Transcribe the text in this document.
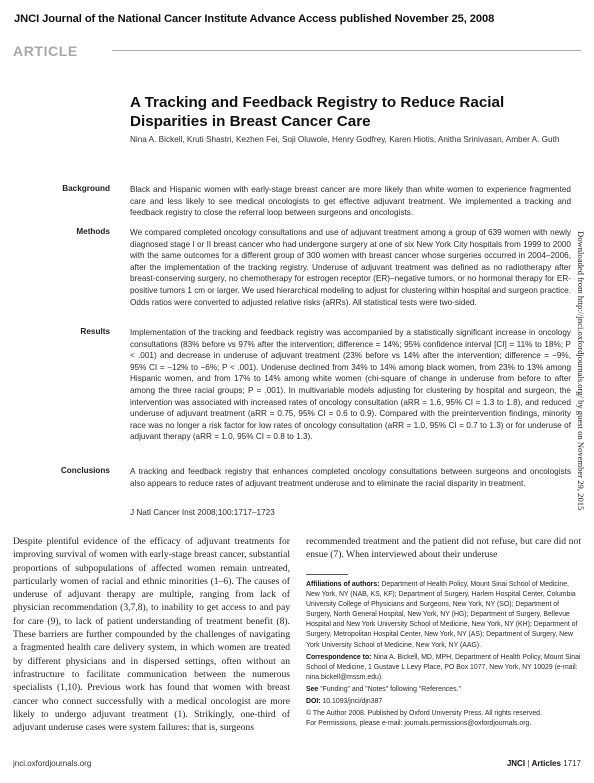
JNCI Journal of the National Cancer Institute Advance Access published November 25, 2008
ARTICLE
A Tracking and Feedback Registry to Reduce Racial Disparities in Breast Cancer Care
Nina A. Bickell, Kruti Shastri, Kezhen Fei, Soji Oluwole, Henry Godfrey, Karen Hiotis, Anitha Srinivasan, Amber A. Guth
Background Black and Hispanic women with early-stage breast cancer are more likely than white women to experience fragmented care and less likely to see medical oncologists to get effective adjuvant treatment. We implemented a tracking and feedback registry to close the referral loop between surgeons and oncologists.
Methods We compared completed oncology consultations and use of adjuvant treatment among a group of 639 women with newly diagnosed stage I or II breast cancer who had undergone surgery at one of six New York City hospitals from 1999 to 2000 with the same outcomes for a different group of 300 women with breast cancer whose surgeries occurred in 2004–2006, after the implementation of the tracking registry. Underuse of adjuvant treatment was defined as no radiotherapy after breast-conserving surgery, no chemotherapy for estrogen receptor (ER)–negative tumors, or no hormonal therapy for ER-positive tumors 1 cm or larger. We used hierarchical modeling to adjust for clustering within hospital and surgeon practice. Odds ratios were converted to adjusted relative risks (aRRs). All statistical tests were two-sided.
Results Implementation of the tracking and feedback registry was accompanied by a statistically significant increase in oncology consultations (83% before vs 97% after the intervention; difference = 14%; 95% confidence interval [CI] = 11% to 18%; P < .001) and decrease in underuse of adjuvant treatment (23% before vs 14% after the intervention; difference = −9%, 95% CI = −12% to −6%; P < .001). Underuse declined from 34% to 14% among black women, from 23% to 13% among Hispanic women, and from 17% to 14% among white women (chi-square of change in underuse from before to after among the three racial groups; P = .001). In multivariable models adjusting for clustering by hospital and surgeon, the intervention was associated with increased rates of oncology consultation (aRR = 1.6, 95% CI = 1.3 to 1.8), and reduced underuse of adjuvant treatment (aRR = 0.75, 95% CI = 0.6 to 0.9). Compared with the preintervention findings, minority race was no longer a risk factor for low rates of oncology consultation (aRR = 1.0, 95% CI = 0.7 to 1.3) or for underuse of adjuvant therapy (aRR = 1.0, 95% CI = 0.8 to 1.3).
Conclusions A tracking and feedback registry that enhances completed oncology consultations between surgeons and oncologists also appears to reduce rates of adjuvant treatment underuse and to eliminate the racial disparity in treatment.
J Natl Cancer Inst 2008;100:1717–1723
Downloaded from http://jnci.oxfordjournals.org/ by guest on November 29, 2015
Despite plentiful evidence of the efficacy of adjuvant treatments for improving survival of women with early-stage breast cancer, substantial proportions of subpopulations of affected women remain untreated, particularly women of racial and ethnic minorities (1–6). The causes of underuse of adjuvant therapy are multiple, ranging from lack of physician recommendation (3,7,8), to inability to get access to and pay for care (9), to lack of patient understanding of treatment benefit (8). These barriers are further compounded by the challenges of navigating a fragmented health care delivery system, in which women are treated by different physicians and in dispersed settings, often without an infrastructure to facilitate communication between the numerous specialists (1,10). Previous work has found that women with breast cancer who connect successfully with a medical oncologist are more likely to undergo adjuvant treatment (1). Strikingly, one-third of adjuvant underuse cases were system failures: that is, surgeons
recommended treatment and the patient did not refuse, but care did not ensue (7). When interviewed about their underuse

Affiliations of authors: Department of Health Policy, Mount Sinai School of Medicine, New York, NY (NAB, KS, KF); Department of Surgery, Harlem Hospital Center, Columbia University College of Physicians and Surgeons, New York, NY (SO); Department of Surgery, North General Hospital, New York, NY (HG); Department of Surgery, Bellevue Hospital and New York University School of Medicine, New York, NY (KH); Department of Surgery, Metropolitan Hospital Center, New York, NY (AS); Department of Surgery, New York University School of Medicine, New York, NY (AAG).

Correspondence to: Nina A. Bickell, MD, MPH, Department of Health Policy, Mount Sinai School of Medicine, 1 Gustave L Levy Place, PO Box 1077, New York, NY 10029 (e-mail: nina.bickell@mssm.edu).

See "Funding" and "Notes" following "References."

DOI: 10.1093/jnci/djn387

© The Author 2008. Published by Oxford University Press. All rights reserved.
For Permissions, please e-mail: journals.permissions@oxfordjournals.org.

jnci.oxfordjournals.org	JNCI | Articles 1717
